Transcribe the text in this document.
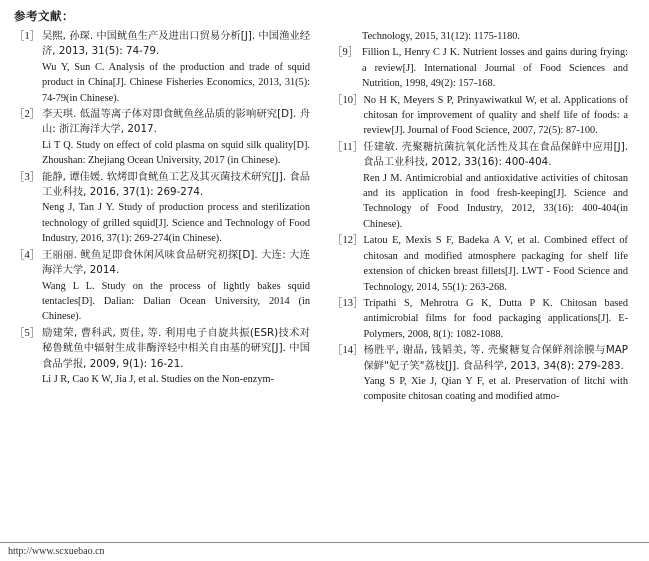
参考文献：
［1］ 吴熙, 孙琛. 中国鱿鱼生产及进出口贸易分析[J]. 中国渔业经济, 2013, 31(5): 74-79.

Wu Y, Sun C. Analysis of the production and trade of squid product in China[J]. Chinese Fisheries Economics, 2013, 31(5): 74-79(in Chinese).

［2］ 李天琪. 低温等离子体对即食鱿鱼丝品质的影响研究[D]. 舟山: 浙江海洋大学, 2017.

Li T Q. Study on effect of cold plasma on squid silk quality[D]. Zhoushan: Zhejiang Ocean University, 2017 (in Chinese).

［3］ 能静, 谭佳媛. 软烤即食鱿鱼工艺及其灭菌技术研究[J]. 食品工业科技, 2016, 37(1): 269-274.

Neng J, Tan J Y. Study of production process and sterilization technology of grilled squid[J]. Science and Technology of Food Industry, 2016, 37(1): 269-274(in Chinese).

［4］ 王丽丽. 鱿鱼足即食休闲风味食品研究初探[D]. 大连: 大连海洋大学, 2014.

Wang L L. Study on the process of lightly bakes squid tentacles[D]. Dalian: Dalian Ocean University, 2014 (in Chinese).

［5］ 励建荣, 曹科武, 贾佳, 等. 利用电子自旋共振(ESR)技术对秘鲁鱿鱼中辐射生成非酶淬轻中相关自由基的研究[J]. 中国食品学报, 2009, 9(1): 16-21.

Li J R, Cao K W, Jia J, et al. Studies on the Non-enzym-

Technology, 2015, 31(12): 1175-1180.

［9］ Fillion L, Henry C J K. Nutrient losses and gains during frying: a review[J]. International Journal of Food Sciences and Nutrition, 1998, 49(2): 157-168.

［10］ No H K, Meyers S P, Prinyawiwatkul W, et al. Applications of chitosan for improvement of quality and shelf life of foods: a review[J]. Journal of Food Science, 2007, 72(5): 87-100.

［11］ 任建敏. 壳聚糖抗菌抗氧化活性及其在食品保鲜中应用[J]. 食品工业科技, 2012, 33(16): 400-404.

Ren J M. Antimicrobial and antioxidative activities of chitosan and its application in food fresh-keeping[J]. Science and Technology of Food Industry, 2012, 33(16): 400-404(in Chinese).

［12］ Latou E, Mexis S F, Badeka A V, et al. Combined effect of chitosan and modified atmosphere packaging for shelf life extension of chicken breast fillets[J]. LWT - Food Science and Technology, 2014, 55(1): 263-268.

［13］ Tripathi S, Mehrotra G K, Dutta P K. Chitosan based antimicrobial films for food packaging applications[J]. E-Polymers, 2008, 8(1): 1082-1088.

［14］ 杨胜平, 谢晶, 钱韬美, 等. 壳聚糖复合保鲜剂涂膜与MAP保鲜"妃子笑"荔枝[J]. 食品科学, 2013, 34(8): 279-283.

Yang S P, Xie J, Qian Y F, et al. Preservation of litchi with composite chitosan coating and modified atmo-

http://www.scxuebao.cn
